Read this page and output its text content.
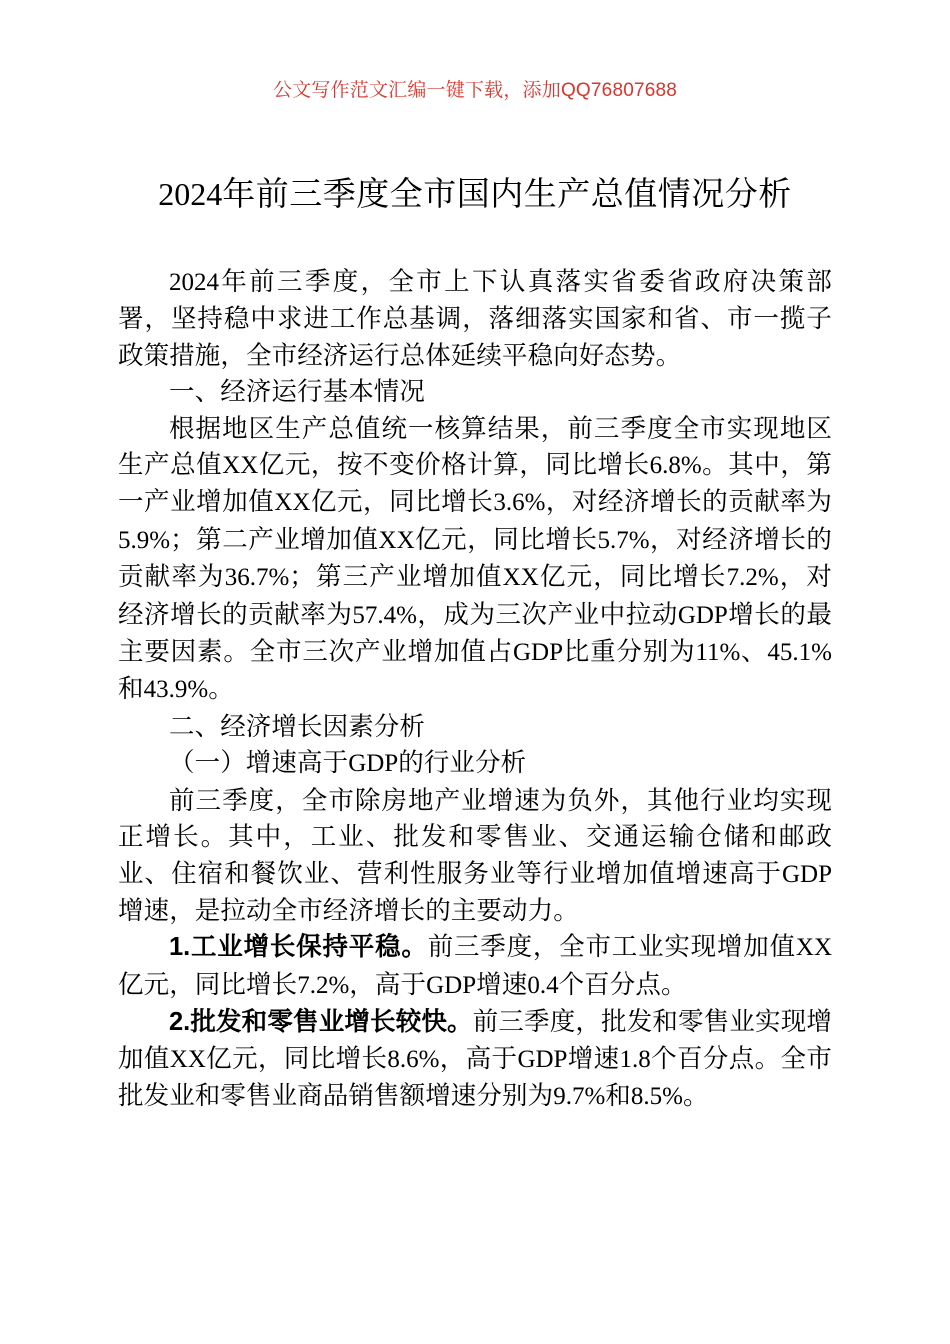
公文写作范文汇编一键下载，添加QQ76807688
2024年前三季度全市国内生产总值情况分析

2024年前三季度，全市上下认真落实省委省政府决策部署，坚持稳中求进工作总基调，落细落实国家和省、市一揽子政策措施，全市经济运行总体延续平稳向好态势。

一、经济运行基本情况

根据地区生产总值统一核算结果，前三季度全市实现地区生产总值XX亿元，按不变价格计算，同比增长6.8%。其中，第一产业增加值XX亿元，同比增长3.6%，对经济增长的贡献率为5.9%；第二产业增加值XX亿元，同比增长5.7%，对经济增长的贡献率为36.7%；第三产业增加值XX亿元，同比增长7.2%，对经济增长的贡献率为57.4%，成为三次产业中拉动GDP增长的最主要因素。全市三次产业增加值占GDP比重分别为11%、45.1%和43.9%。

二、经济增长因素分析

（一）增速高于GDP的行业分析

前三季度，全市除房地产业增速为负外，其他行业均实现正增长。其中，工业、批发和零售业、交通运输仓储和邮政业、住宿和餐饮业、营利性服务业等行业增加值增速高于GDP增速，是拉动全市经济增长的主要动力。

1.工业增长保持平稳。前三季度，全市工业实现增加值XX亿元，同比增长7.2%，高于GDP增速0.4个百分点。

2.批发和零售业增长较快。前三季度，批发和零售业实现增加值XX亿元，同比增长8.6%，高于GDP增速1.8个百分点。全市批发业和零售业商品销售额增速分别为9.7%和8.5%。
